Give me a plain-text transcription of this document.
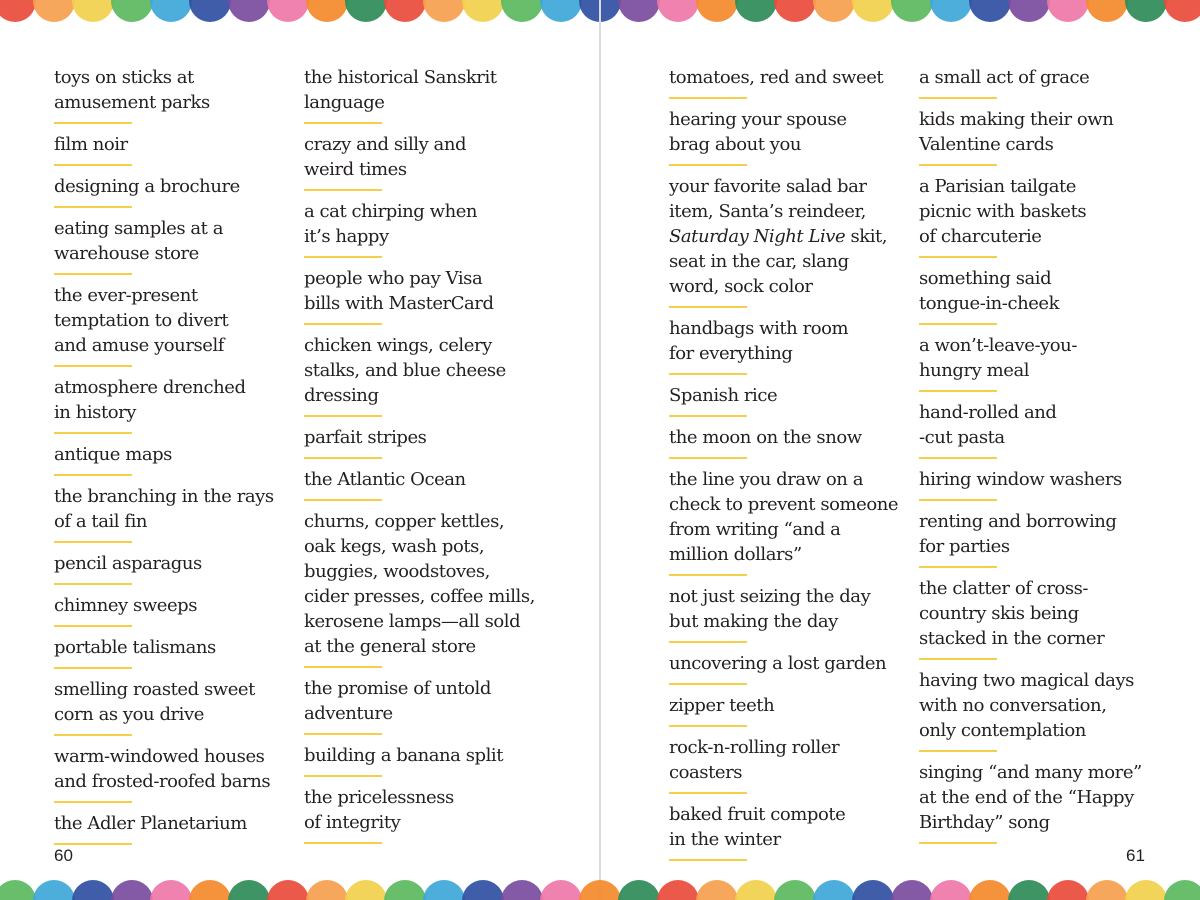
toys on sticks at
amusement parks
film noir
designing a brochure
eating samples at a
warehouse store
the ever-present
temptation to divert
and amuse yourself
atmosphere drenched
in history
antique maps
the branching in the rays
of a tail fin
pencil asparagus
chimney sweeps
portable talismans
smelling roasted sweet
corn as you drive
warm-windowed houses
and frosted-roofed barns
the Adler Planetarium
the historical Sanskrit
language
crazy and silly and
weird times
a cat chirping when
it’s happy
people who pay Visa
bills with MasterCard
chicken wings, celery
stalks, and blue cheese
dressing
parfait stripes
the Atlantic Ocean
churns, copper kettles,
oak kegs, wash pots,
buggies, woodstoves,
cider presses, coffee mills,
kerosene lamps—all sold
at the general store
the promise of untold
adventure
building a banana split
the pricelessness
of integrity
tomatoes, red and sweet
hearing your spouse
brag about you
your favorite salad bar
item, Santa’s reindeer,
Saturday Night Live skit,
seat in the car, slang
word, sock color
handbags with room
for everything
Spanish rice
the moon on the snow
the line you draw on a
check to prevent someone
from writing “and a
million dollars”
not just seizing the day
but making the day
uncovering a lost garden
zipper teeth
rock-n-rolling roller
coasters
baked fruit compote
in the winter
a small act of grace
kids making their own
Valentine cards
a Parisian tailgate
picnic with baskets
of charcuterie
something said
tongue-in-cheek
a won’t-leave-you-
hungry meal
hand-rolled and
-cut pasta
hiring window washers
renting and borrowing
for parties
the clatter of cross-
country skis being
stacked in the corner
having two magical days
with no conversation,
only contemplation
singing “and many more”
at the end of the “Happy
Birthday” song
60	61
